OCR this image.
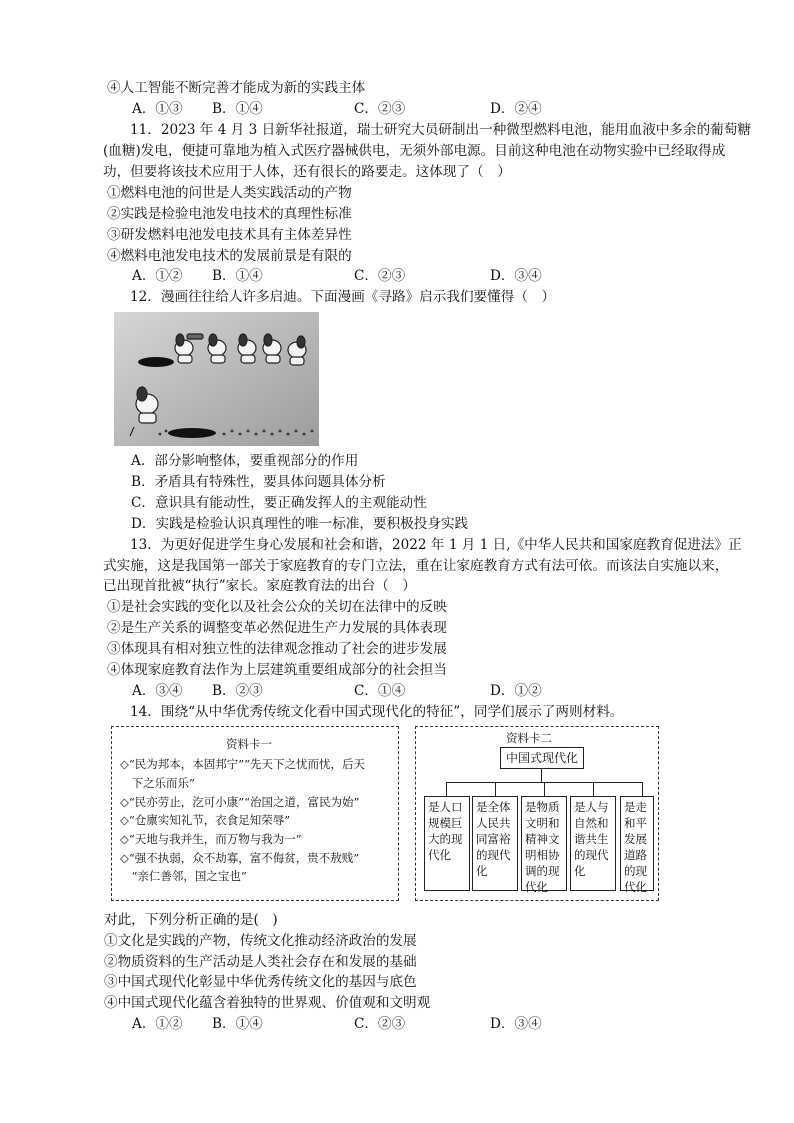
④人工智能不断完善才能成为新的实践主体
A．①③ B．①④	C．②③	D．②④
11．2023 年 4 月 3 日新华社报道，瑞士研究大员研制出一种微型燃料电池，能用血液中多余的葡萄糖
(血糖)发电，便捷可靠地为植入式医疗器械供电，无须外部电源。目前这种电池在动物实验中已经取得成
功，但要将该技术应用于人体，还有很长的路要走。这体现了（　）
①燃料电池的问世是人类实践活动的产物
②实践是检验电池发电技术的真理性标准
③研发燃料电池发电技术具有主体差异性
④燃料电池发电技术的发展前景是有限的
A．①② B．①④	C．②③	D．③④
12．漫画往往给人许多启迪。下面漫画《寻路》启示我们要懂得（　）
A．部分影响整体，要重视部分的作用
B．矛盾具有特殊性，要具体问题具体分析
C．意识具有能动性，要正确发挥人的主观能动性
D．实践是检验认识真理性的唯一标准，要积极投身实践
13．为更好促进学生身心发展和社会和谐，2022 年 1 月 1 日,《中华人民共和国家庭教育促进法》正
式实施，这是我国第一部关于家庭教育的专门立法，重在让家庭教育方式有法可依。而该法自实施以来，
已出现首批被“执行”家长。家庭教育法的出台（　）
①是社会实践的变化以及社会公众的关切在法律中的反映
②是生产关系的调整变革必然促进生产力发展的具体表现
③体现具有相对独立性的法律观念推动了社会的进步发展
④体现家庭教育法作为上层建筑重要组成部分的社会担当
A．③④ B．②③	C．①④	D．①②
14．围绕“从中华优秀传统文化看中国式现代化的特征”，同学们展示了两则材料。
资料卡一
◇“民为邦本，本固邦宁”“先天下之忧而忧，后天
　下之乐而乐”
◇“民亦劳止，汔可小康”“治国之道，富民为始”
◇“仓廪实知礼节，衣食足知荣辱”
◇“天地与我并生，而万物与我为一”
◇“强不执弱，众不劫寡，富不侮贫，贵不敖贱”
　“亲仁善邻，国之宝也“
资料卡二
中国式现代化
是人口规模巨大的现代化
是全体人民共同富裕的现代化
是物质文明和精神文明相协调的现代化
是人与自然和谐共生的现代化
是走和平发展道路的现代化
对此，下列分析正确的是(　)
①文化是实践的产物，传统文化推动经济政治的发展
②物质资料的生产活动是人类社会存在和发展的基础
③中国式现代化彰显中华优秀传统文化的基因与底色
④中国式现代化蕴含着独特的世界观、价值观和文明观
A．①② B．①④	C．②③	D．③④
